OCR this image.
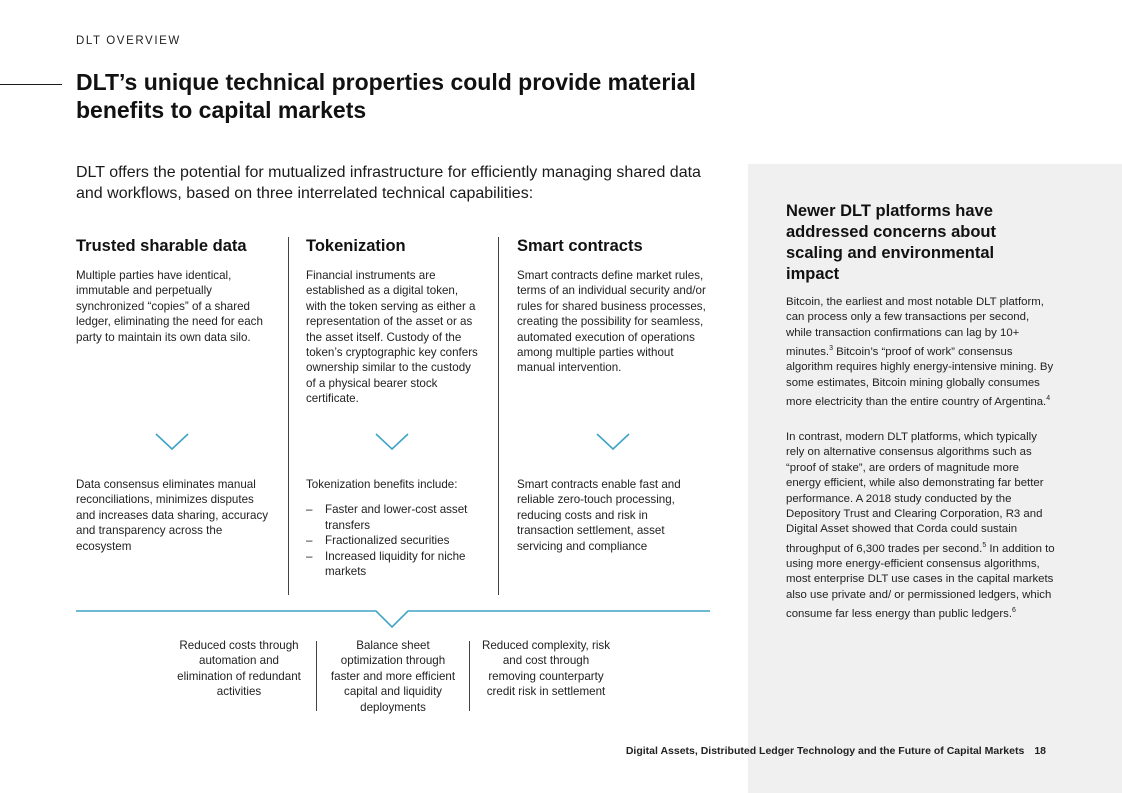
DLT OVERVIEW
DLT’s unique technical properties could provide material benefits to capital markets

DLT offers the potential for mutualized infrastructure for efficiently managing shared data and workflows, based on three interrelated technical capabilities:

Trusted sharable data

Multiple parties have identical, immutable and perpetually synchronized “copies” of a shared ledger, eliminating the need for each party to maintain its own data silo.

Data consensus eliminates manual reconciliations, minimizes disputes and increases data sharing, accuracy and transparency across the ecosystem

Tokenization

Financial instruments are established as a digital token, with the token serving as either a representation of the asset or as the asset itself. Custody of the token’s cryptographic key confers ownership similar to the custody of a physical bearer stock certificate.

Tokenization benefits include:

– Faster and lower-cost asset transfers
– Fractionalized securities
– Increased liquidity for niche markets
Smart contracts

Smart contracts define market rules, terms of an individual security and/or rules for shared business processes, creating the possibility for seamless, automated execution of operations among multiple parties without manual intervention.

Smart contracts enable fast and reliable zero-touch processing, reducing costs and risk in transaction settlement, asset servicing and compliance

Reduced costs through automation and elimination of redundant activities

Balance sheet optimization through faster and more efficient capital and liquidity deployments

Reduced complexity, risk and cost through removing counterparty credit risk in settlement

Newer DLT platforms have addressed concerns about scaling and environmental impact

Bitcoin, the earliest and most notable DLT platform, can process only a few transactions per second, while transaction confirmations can lag by 10+ minutes.$^3$ Bitcoin’s “proof of work” consensus algorithm requires highly energy-intensive mining. By some estimates, Bitcoin mining globally consumes more electricity than the entire country of Argentina.$^4$

In contrast, modern DLT platforms, which typically rely on alternative consensus algorithms such as “proof of stake”, are orders of magnitude more energy efficient, while also demonstrating far better performance. A 2018 study conducted by the Depository Trust and Clearing Corporation, R3 and Digital Asset showed that Corda could sustain throughput of 6,300 trades per second.$^5$ In addition to using more energy-efficient consensus algorithms, most enterprise DLT use cases in the capital markets also use private and/ or permissioned ledgers, which consume far less energy than public ledgers.$^6$

Digital Assets, Distributed Ledger Technology and the Future of Capital Markets 18
